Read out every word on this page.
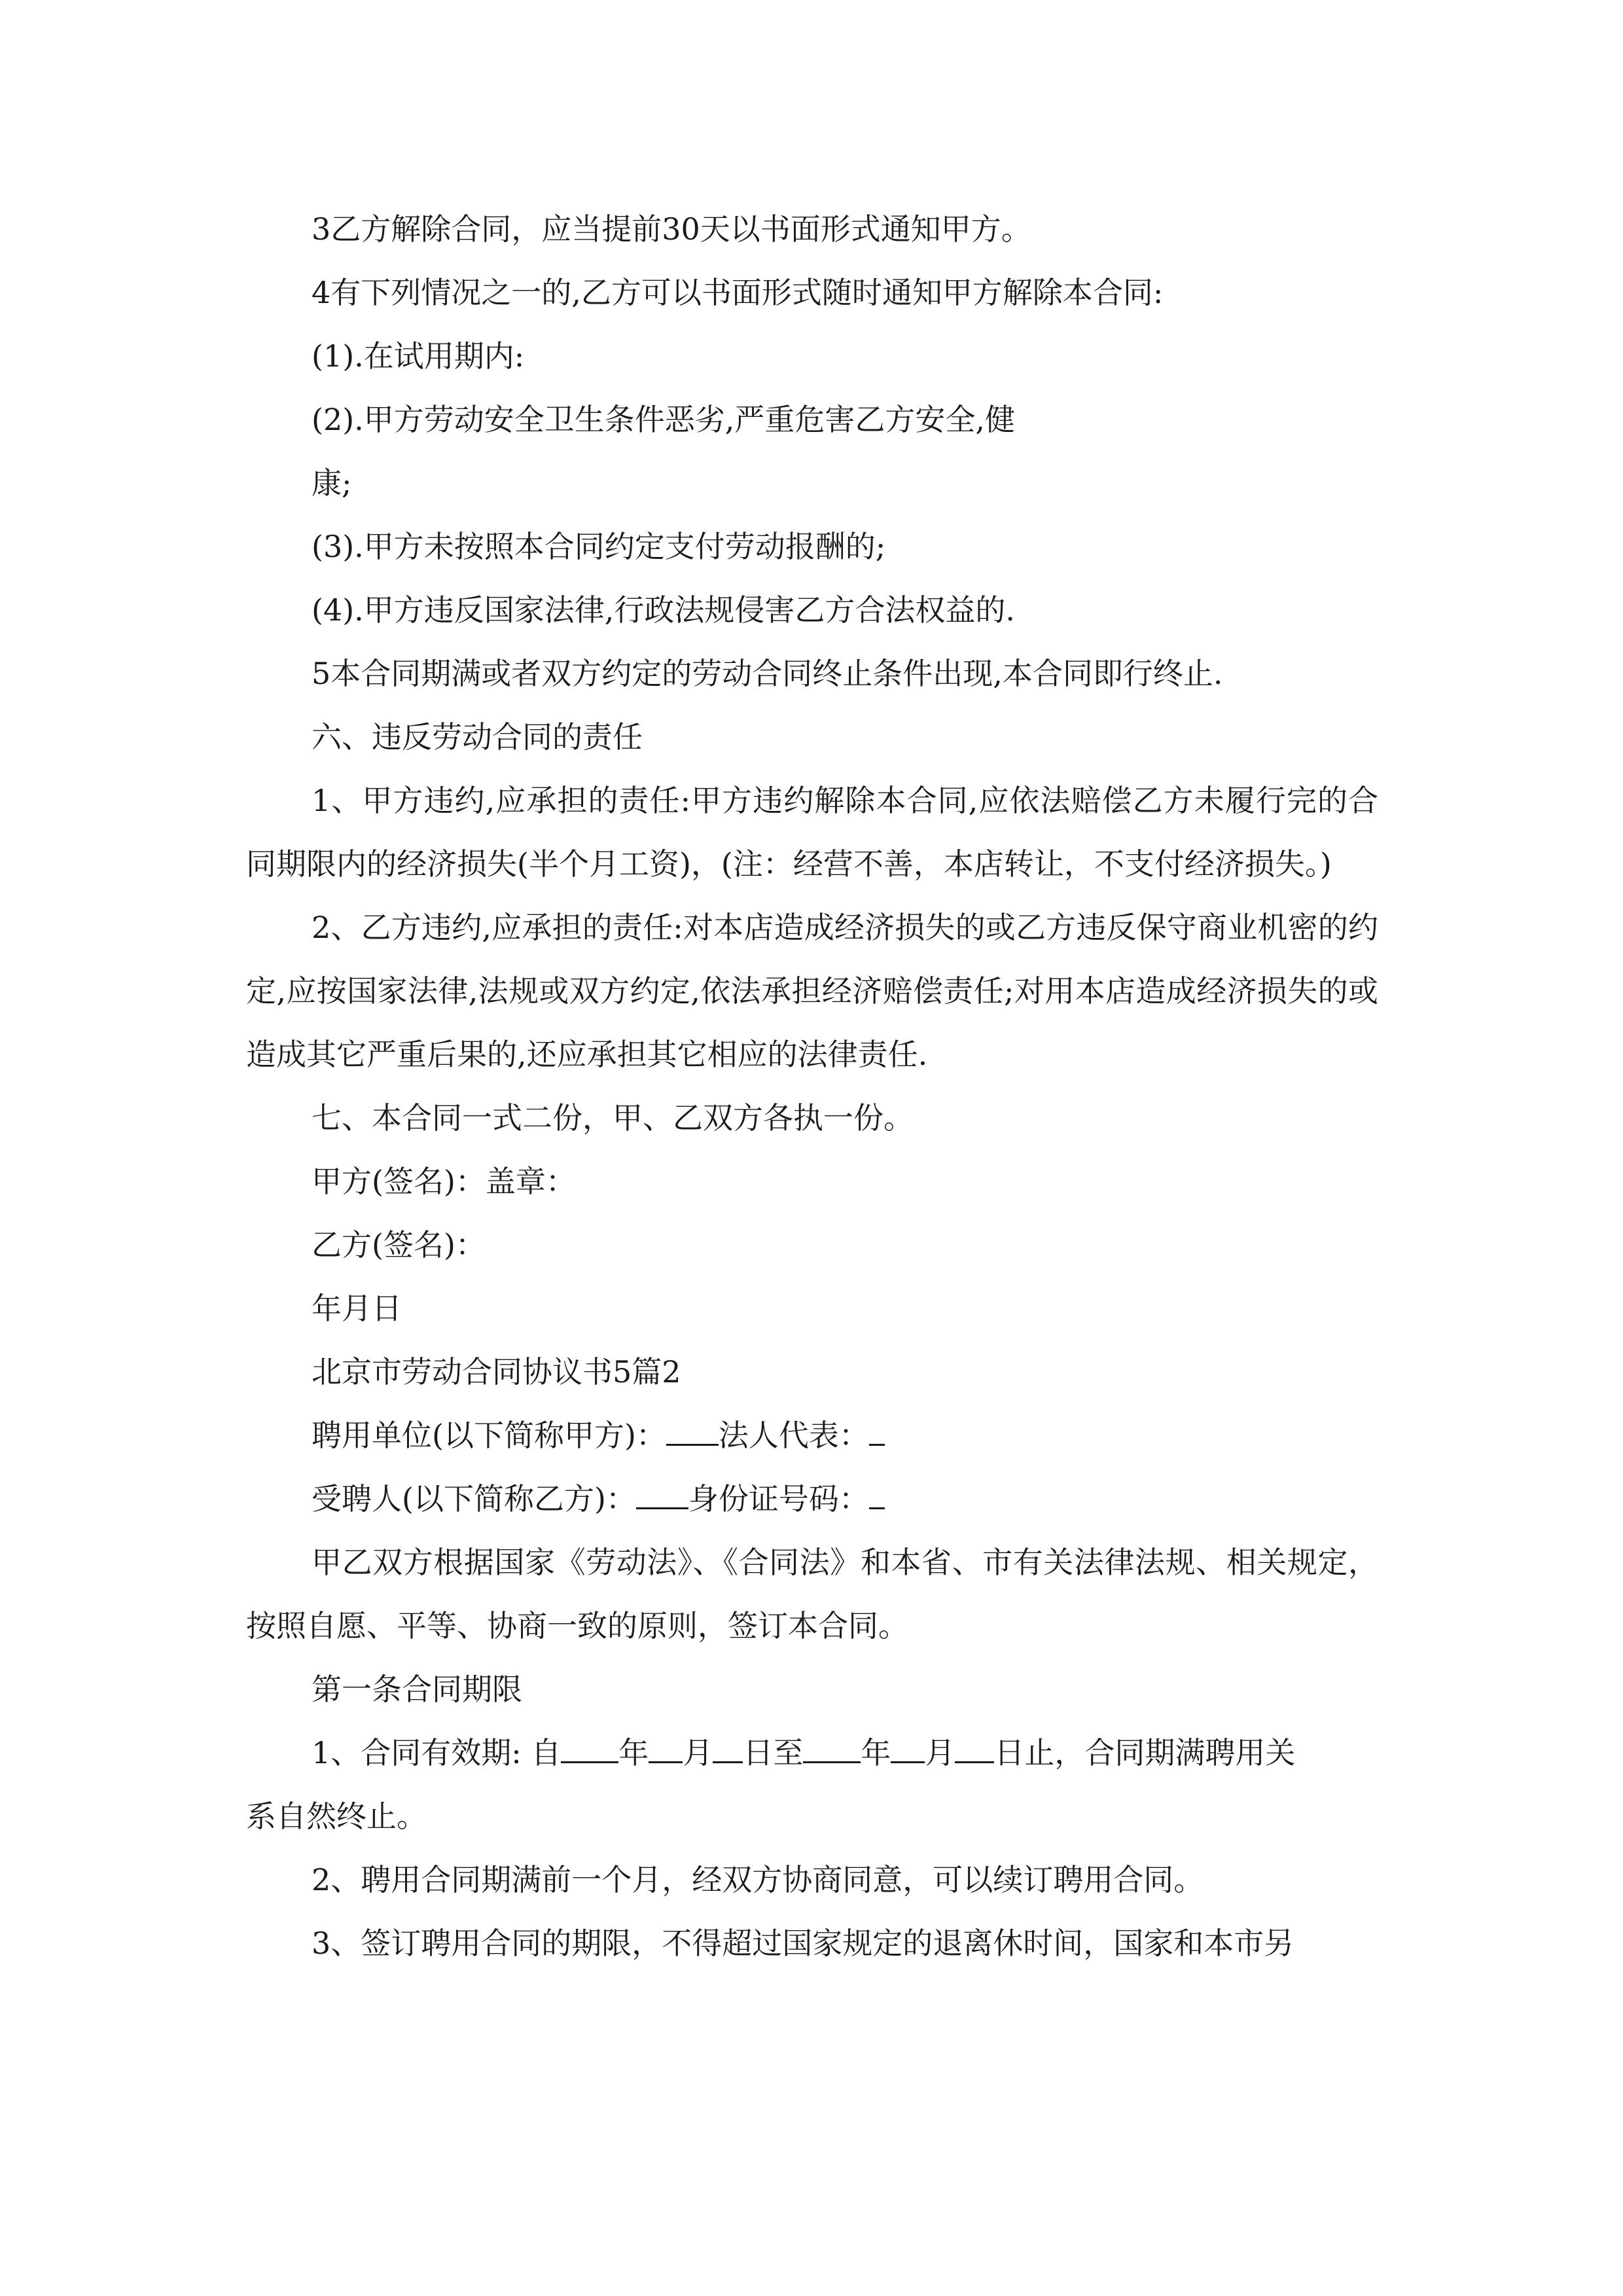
3乙方解除合同，应当提前30天以书面形式通知甲方。

4有下列情况之一的,乙方可以书面形式随时通知甲方解除本合同:

(1).在试用期内:

(2).甲方劳动安全卫生条件恶劣,严重危害乙方安全,健

康;

(3).甲方未按照本合同约定支付劳动报酬的;

(4).甲方违反国家法律,行政法规侵害乙方合法权益的.

5本合同期满或者双方约定的劳动合同终止条件出现,本合同即行终止.

六、违反劳动合同的责任

1、甲方违约,应承担的责任:甲方违约解除本合同,应依法赔偿乙方未履行完的合同期限内的经济损失(半个月工资)，(注：经营不善，本店转让，不支付经济损失。)

2、乙方违约,应承担的责任:对本店造成经济损失的或乙方违反保守商业机密的约定,应按国家法律,法规或双方约定,依法承担经济赔偿责任;对用本店造成经济损失的或造成其它严重后果的,还应承担其它相应的法律责任.

七、本合同一式二份，甲、乙双方各执一份。

甲方(签名)：盖章：

乙方(签名)：

年月日

北京市劳动合同协议书5篇2

聘用单位(以下简称甲方)： 法人代表：

受聘人(以下简称乙方)： 身份证号码：

甲乙双方根据国家《劳动法》、《合同法》和本省、市有关法律法规、相关规定，按照自愿、平等、协商一致的原则，签订本合同。

第一条合同期限

1、合同有效期: 自 年 月 日至 年 月 日止，合同期满聘用关

系自然终止。

2、聘用合同期满前一个月，经双方协商同意，可以续订聘用合同。

3、签订聘用合同的期限，不得超过国家规定的退离休时间，国家和本市另
